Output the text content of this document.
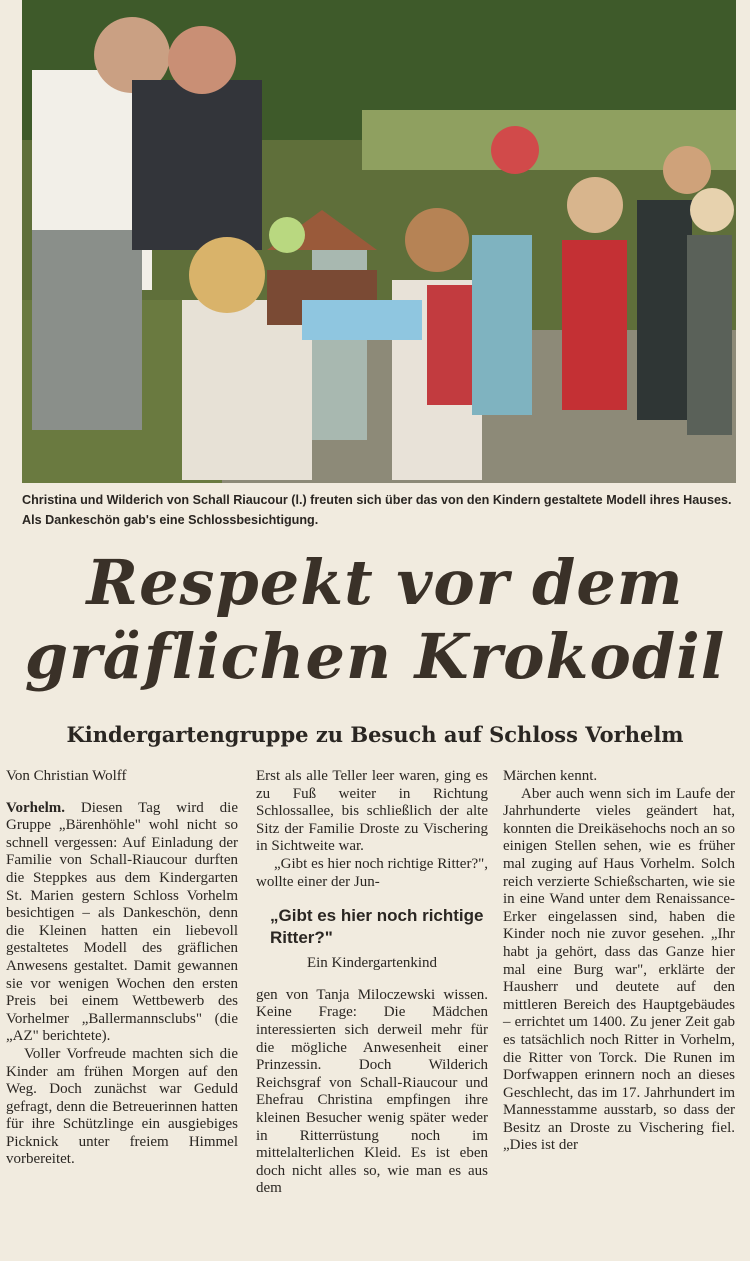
Christina und Wilderich von Schall Riaucour (l.) freuten sich über das von den Kindern gestaltete Modell ihres Hauses. Als Dankeschön gab's eine Schlossbesichtigung.
Respekt vor dem
gräflichen Krokodil
Kindergartengruppe zu Besuch auf Schloss Vorhelm
Von Christian Wolff

Vorhelm. Diesen Tag wird die Gruppe „Bärenhöhle" wohl nicht so schnell vergessen: Auf Einladung der Familie von Schall-Riaucour durften die Steppkes aus dem Kindergarten St. Marien gestern Schloss Vorhelm besichtigen – als Dankeschön, denn die Kleinen hatten ein liebevoll gestaltetes Modell des gräflichen Anwesens gestaltet. Damit gewannen sie vor wenigen Wochen den ersten Preis bei einem Wettbewerb des Vorhelmer „Ballermannsclubs" (die „AZ" berichtete).

Voller Vorfreude machten sich die Kinder am frühen Morgen auf den Weg. Doch zunächst war Geduld gefragt, denn die Betreuerinnen hatten für ihre Schützlinge ein ausgiebiges Picknick unter freiem Himmel vorbereitet.

Erst als alle Teller leer waren, ging es zu Fuß weiter in Richtung Schlossallee, bis schließlich der alte Sitz der Familie Droste zu Vischering in Sichtweite war.

„Gibt es hier noch richtige Ritter?", wollte einer der Jun-

„Gibt es hier noch richtige Ritter?"
Ein Kindergartenkind

gen von Tanja Miloczewski wissen. Keine Frage: Die Mädchen interessierten sich derweil mehr für die mögliche Anwesenheit einer Prinzessin. Doch Wilderich Reichsgraf von Schall-Riaucour und Ehefrau Christina empfingen ihre kleinen Besucher wenig später weder in Ritterrüstung noch im mittelalterlichen Kleid. Es ist eben doch nicht alles so, wie man es aus dem

Märchen kennt.

Aber auch wenn sich im Laufe der Jahrhunderte vieles geändert hat, konnten die Dreikäsehochs noch an so einigen Stellen sehen, wie es früher mal zuging auf Haus Vorhelm. Solch reich verzierte Schießscharten, wie sie in eine Wand unter dem Renaissance-Erker eingelassen sind, haben die Kinder noch nie zuvor gesehen. „Ihr habt ja gehört, dass das Ganze hier mal eine Burg war", erklärte der Hausherr und deutete auf den mittleren Bereich des Hauptgebäudes – errichtet um 1400. Zu jener Zeit gab es tatsächlich noch Ritter in Vorhelm, die Ritter von Torck. Die Runen im Dorfwappen erinnern noch an dieses Geschlecht, das im 17. Jahrhundert im Mannesstamme ausstarb, so dass der Besitz an Droste zu Vischering fiel. „Dies ist der
